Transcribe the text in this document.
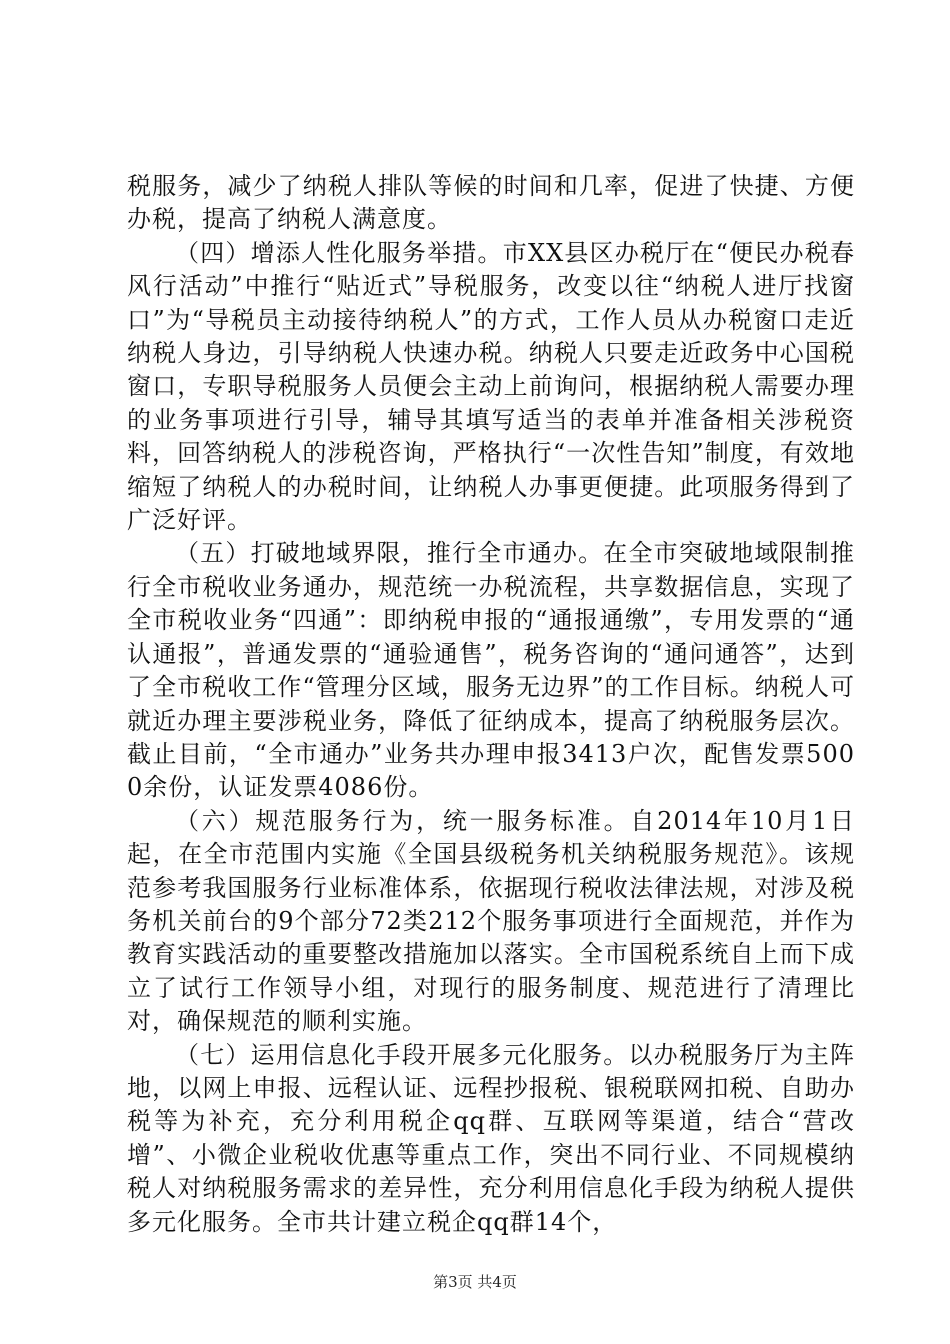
税服务，减少了纳税人排队等候的时间和几率，促进了快捷、方便办税，提高了纳税人满意度。

（四）增添人性化服务举措。市XX县区办税厅在“便民办税春风行活动”中推行“贴近式”导税服务，改变以往“纳税人进厅找窗口”为“导税员主动接待纳税人”的方式，工作人员从办税窗口走近纳税人身边，引导纳税人快速办税。纳税人只要走近政务中心国税窗口，专职导税服务人员便会主动上前询问，根据纳税人需要办理的业务事项进行引导，辅导其填写适当的表单并准备相关涉税资料，回答纳税人的涉税咨询，严格执行“一次性告知”制度，有效地缩短了纳税人的办税时间，让纳税人办事更便捷。此项服务得到了广泛好评。

（五）打破地域界限，推行全市通办。在全市突破地域限制推行全市税收业务通办，规范统一办税流程，共享数据信息，实现了全市税收业务“四通”：即纳税申报的“通报通缴”，专用发票的“通认通报”，普通发票的“通验通售”，税务咨询的“通问通答”，达到了全市税收工作“管理分区域，服务无边界”的工作目标。纳税人可就近办理主要涉税业务，降低了征纳成本，提高了纳税服务层次。截止目前，“全市通办”业务共办理申报3413户次，配售发票5000余份，认证发票4086份。

（六）规范服务行为，统一服务标准。自2014年10月1日起，在全市范围内实施《全国县级税务机关纳税服务规范》。该规范参考我国服务行业标准体系，依据现行税收法律法规，对涉及税务机关前台的9个部分72类212个服务事项进行全面规范，并作为教育实践活动的重要整改措施加以落实。全市国税系统自上而下成立了试行工作领导小组，对现行的服务制度、规范进行了清理比对，确保规范的顺利实施。

（七）运用信息化手段开展多元化服务。以办税服务厅为主阵地，以网上申报、远程认证、远程抄报税、银税联网扣税、自助办税等为补充，充分利用税企qq群、互联网等渠道，结合“营改增”、小微企业税收优惠等重点工作，突出不同行业、不同规模纳税人对纳税服务需求的差异性，充分利用信息化手段为纳税人提供多元化服务。全市共计建立税企qq群14个，

第3页 共4页
